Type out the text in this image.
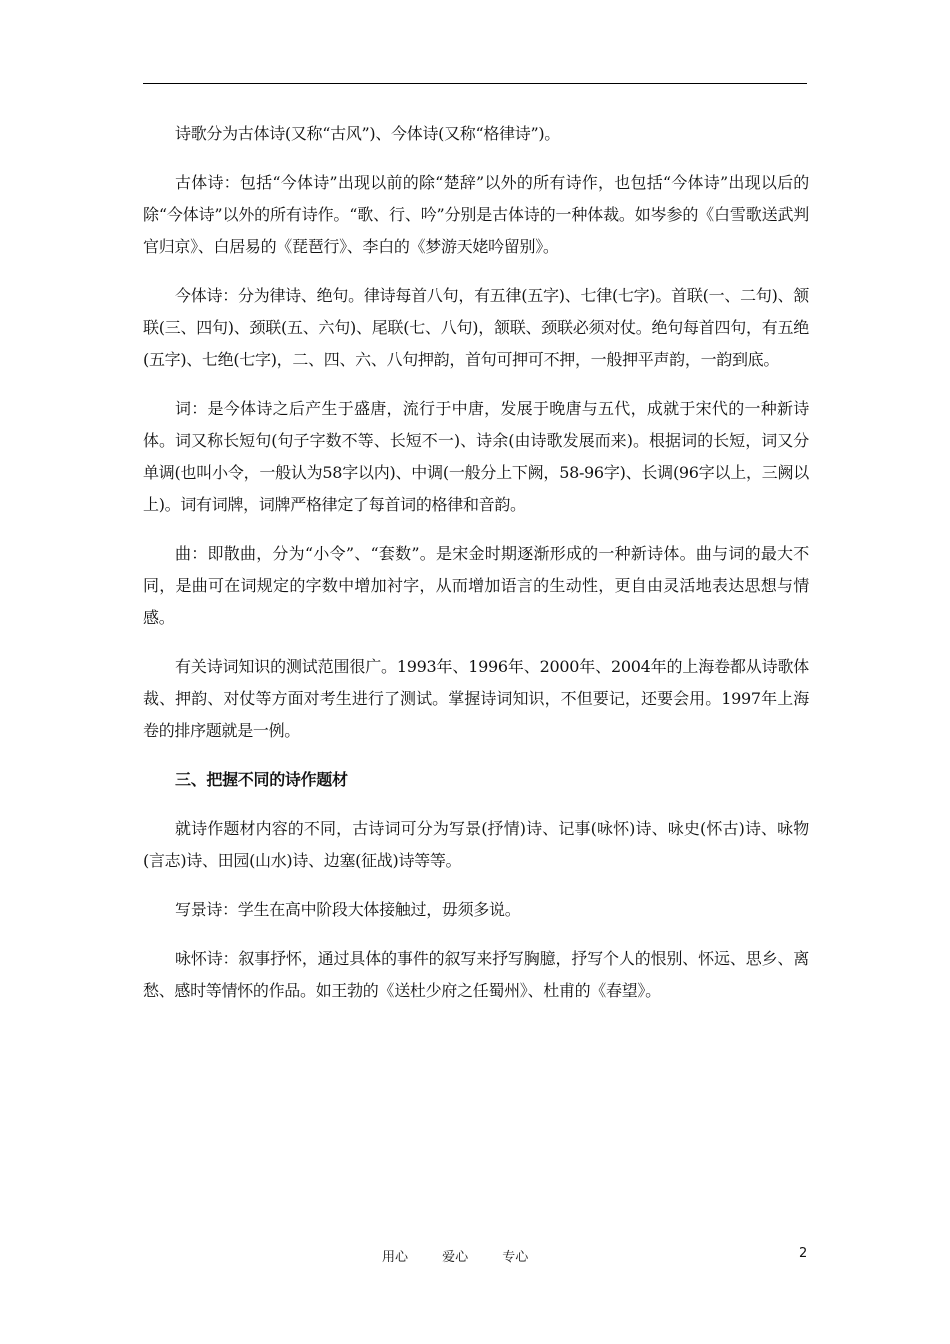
诗歌分为古体诗(又称“古风”)、今体诗(又称“格律诗”)。

古体诗：包括“今体诗”出现以前的除“楚辞”以外的所有诗作，也包括“今体诗”出现以后的除“今体诗”以外的所有诗作。“歌、行、吟”分别是古体诗的一种体裁。如岑参的《白雪歌送武判官归京》、白居易的《琵琶行》、李白的《梦游天姥吟留别》。

今体诗：分为律诗、绝句。律诗每首八句，有五律(五字)、七律(七字)。首联(一、二句)、颔联(三、四句)、颈联(五、六句)、尾联(七、八句)，颔联、颈联必须对仗。绝句每首四句，有五绝(五字)、七绝(七字)，二、四、六、八句押韵，首句可押可不押，一般押平声韵，一韵到底。

词：是今体诗之后产生于盛唐，流行于中唐，发展于晚唐与五代，成就于宋代的一种新诗体。词又称长短句(句子字数不等、长短不一)、诗余(由诗歌发展而来)。根据词的长短，词又分单调(也叫小令，一般认为58字以内)、中调(一般分上下阙，58-96字)、长调(96字以上，三阙以上)。词有词牌，词牌严格律定了每首词的格律和音韵。

曲：即散曲，分为“小令”、“套数”。是宋金时期逐渐形成的一种新诗体。曲与词的最大不同，是曲可在词规定的字数中增加衬字，从而增加语言的生动性，更自由灵活地表达思想与情感。

有关诗词知识的测试范围很广。1993年、1996年、2000年、2004年的上海卷都从诗歌体裁、押韵、对仗等方面对考生进行了测试。掌握诗词知识，不但要记，还要会用。1997年上海卷的排序题就是一例。

三、把握不同的诗作题材

就诗作题材内容的不同，古诗词可分为写景(抒情)诗、记事(咏怀)诗、咏史(怀古)诗、咏物(言志)诗、田园(山水)诗、边塞(征战)诗等等。

写景诗：学生在高中阶段大体接触过，毋须多说。

咏怀诗：叙事抒怀，通过具体的事件的叙写来抒写胸臆，抒写个人的恨别、怀远、思乡、离愁、感时等情怀的作品。如王勃的《送杜少府之任蜀州》、杜甫的《春望》。

用心 爱心 专心	2
